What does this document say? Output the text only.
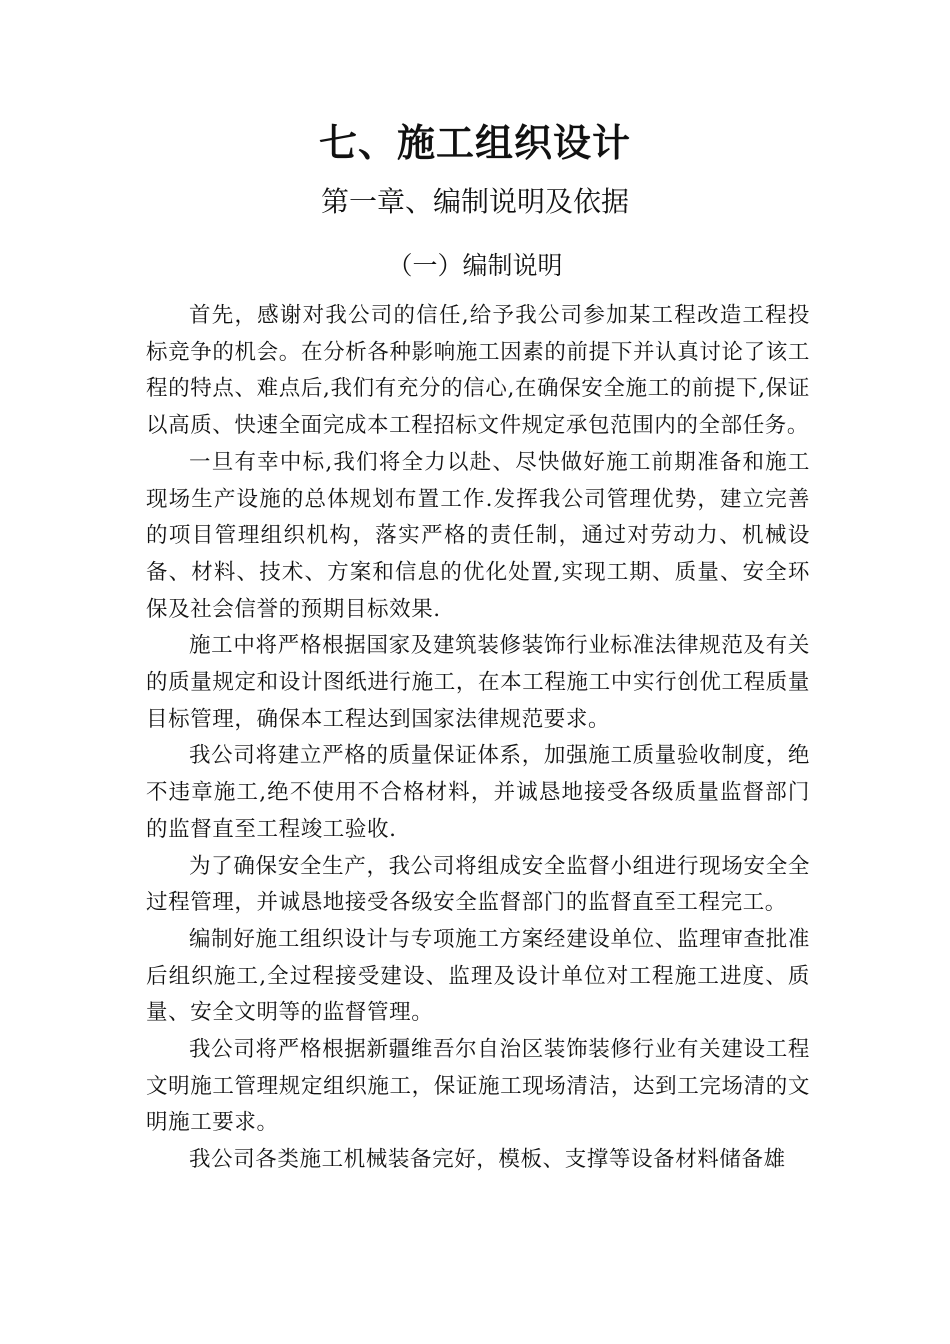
七、施工组织设计
第一章、编制说明及依据
（一）编制说明

首先，感谢对我公司的信任,给予我公司参加某工程改造工程投标竞争的机会。在分析各种影响施工因素的前提下并认真讨论了该工程的特点、难点后,我们有充分的信心,在确保安全施工的前提下,保证以高质、快速全面完成本工程招标文件规定承包范围内的全部任务。

一旦有幸中标,我们将全力以赴、尽快做好施工前期准备和施工现场生产设施的总体规划布置工作.发挥我公司管理优势，建立完善的项目管理组织机构，落实严格的责任制，通过对劳动力、机械设备、材料、技术、方案和信息的优化处置,实现工期、质量、安全环保及社会信誉的预期目标效果.

施工中将严格根据国家及建筑装修装饰行业标准法律规范及有关的质量规定和设计图纸进行施工，在本工程施工中实行创优工程质量目标管理，确保本工程达到国家法律规范要求。

我公司将建立严格的质量保证体系，加强施工质量验收制度，绝不违章施工,绝不使用不合格材料，并诚恳地接受各级质量监督部门的监督直至工程竣工验收.

为了确保安全生产，我公司将组成安全监督小组进行现场安全全过程管理，并诚恳地接受各级安全监督部门的监督直至工程完工。

编制好施工组织设计与专项施工方案经建设单位、监理审查批准后组织施工,全过程接受建设、监理及设计单位对工程施工进度、质量、安全文明等的监督管理。

我公司将严格根据新疆维吾尔自治区装饰装修行业有关建设工程文明施工管理规定组织施工，保证施工现场清洁，达到工完场清的文明施工要求。

我公司各类施工机械装备完好，模板、支撑等设备材料储备雄
